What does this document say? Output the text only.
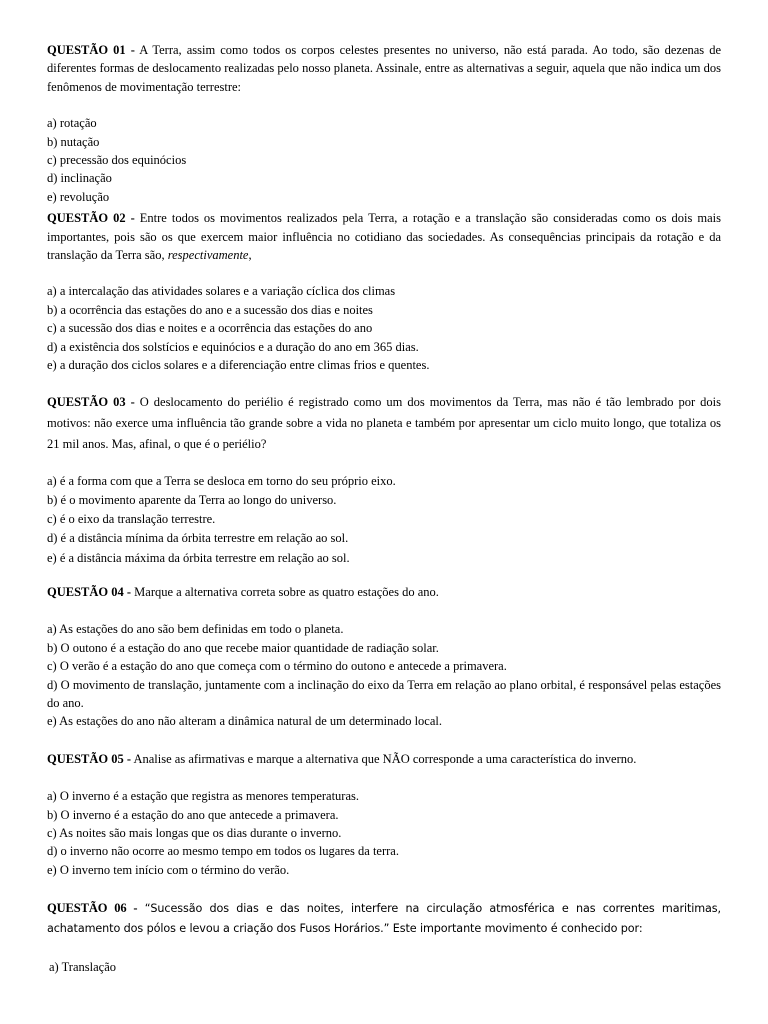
QUESTÃO 01 - A Terra, assim como todos os corpos celestes presentes no universo, não está parada. Ao todo, são dezenas de diferentes formas de deslocamento realizadas pelo nosso planeta. Assinale, entre as alternativas a seguir, aquela que não indica um dos fenômenos de movimentação terrestre:

a) rotação

b) nutação

c) precessão dos equinócios

d) inclinação

e) revolução

QUESTÃO 02 - Entre todos os movimentos realizados pela Terra, a rotação e a translação são consideradas como os dois mais importantes, pois são os que exercem maior influência no cotidiano das sociedades. As consequências principais da rotação e da translação da Terra são, respectivamente,

a) a intercalação das atividades solares e a variação cíclica dos climas

b) a ocorrência das estações do ano e a sucessão dos dias e noites

c) a sucessão dos dias e noites e a ocorrência das estações do ano

d) a existência dos solstícios e equinócios e a duração do ano em 365 dias.

e) a duração dos ciclos solares e a diferenciação entre climas frios e quentes.

QUESTÃO 03 - O deslocamento do periélio é registrado como um dos movimentos da Terra, mas não é tão lembrado por dois motivos: não exerce uma influência tão grande sobre a vida no planeta e também por apresentar um ciclo muito longo, que totaliza os 21 mil anos. Mas, afinal, o que é o periélio?

a) é a forma com que a Terra se desloca em torno do seu próprio eixo.

b) é o movimento aparente da Terra ao longo do universo.

c) é o eixo da translação terrestre.

d) é a distância mínima da órbita terrestre em relação ao sol.

e) é a distância máxima da órbita terrestre em relação ao sol.

QUESTÃO 04 - Marque a alternativa correta sobre as quatro estações do ano.

a) As estações do ano são bem definidas em todo o planeta.

b) O outono é a estação do ano que recebe maior quantidade de radiação solar.

c) O verão é a estação do ano que começa com o término do outono e antecede a primavera.

d) O movimento de translação, juntamente com a inclinação do eixo da Terra em relação ao plano orbital, é responsável pelas estações do ano.

e) As estações do ano não alteram a dinâmica natural de um determinado local.

QUESTÃO 05 - Analise as afirmativas e marque a alternativa que NÃO corresponde a uma característica do inverno.

a) O inverno é a estação que registra as menores temperaturas.

b) O inverno é a estação do ano que antecede a primavera.

c) As noites são mais longas que os dias durante o inverno.

d) o inverno não ocorre ao mesmo tempo em todos os lugares da terra.

e) O inverno tem início com o término do verão.

QUESTÃO 06 - “Sucessão dos dias e das noites, interfere na circulação atmosférica e nas correntes maritimas, achatamento dos pólos e levou a criação dos Fusos Horários.” Este importante movimento é conhecido por:

a) Translação
